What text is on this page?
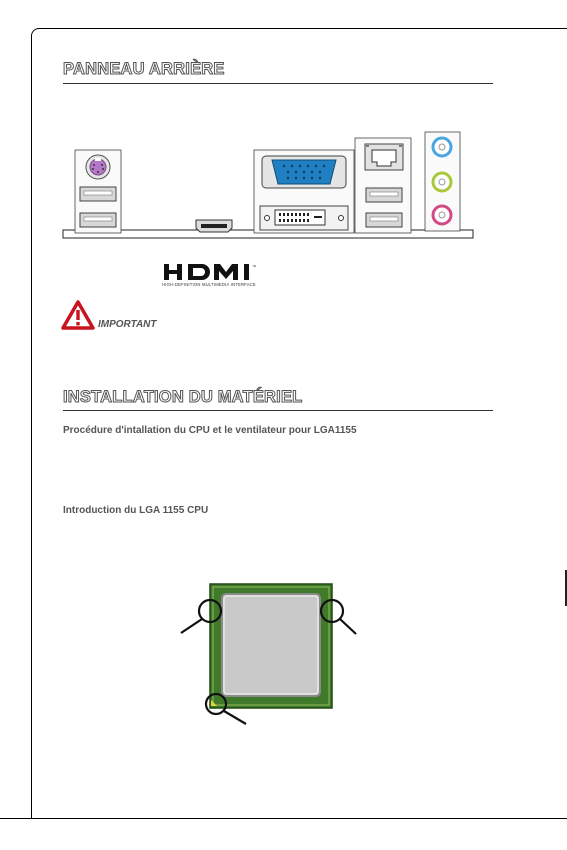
PANNEAU ARRIÈRE
™
HIGH-DEFINITION MULTIMEDIA INTERFACE
IMPORTANT
INSTALLATION DU MATÉRIEL

Procédure d'intallation du CPU et le ventilateur pour LGA1155

Introduction du LGA 1155 CPU
